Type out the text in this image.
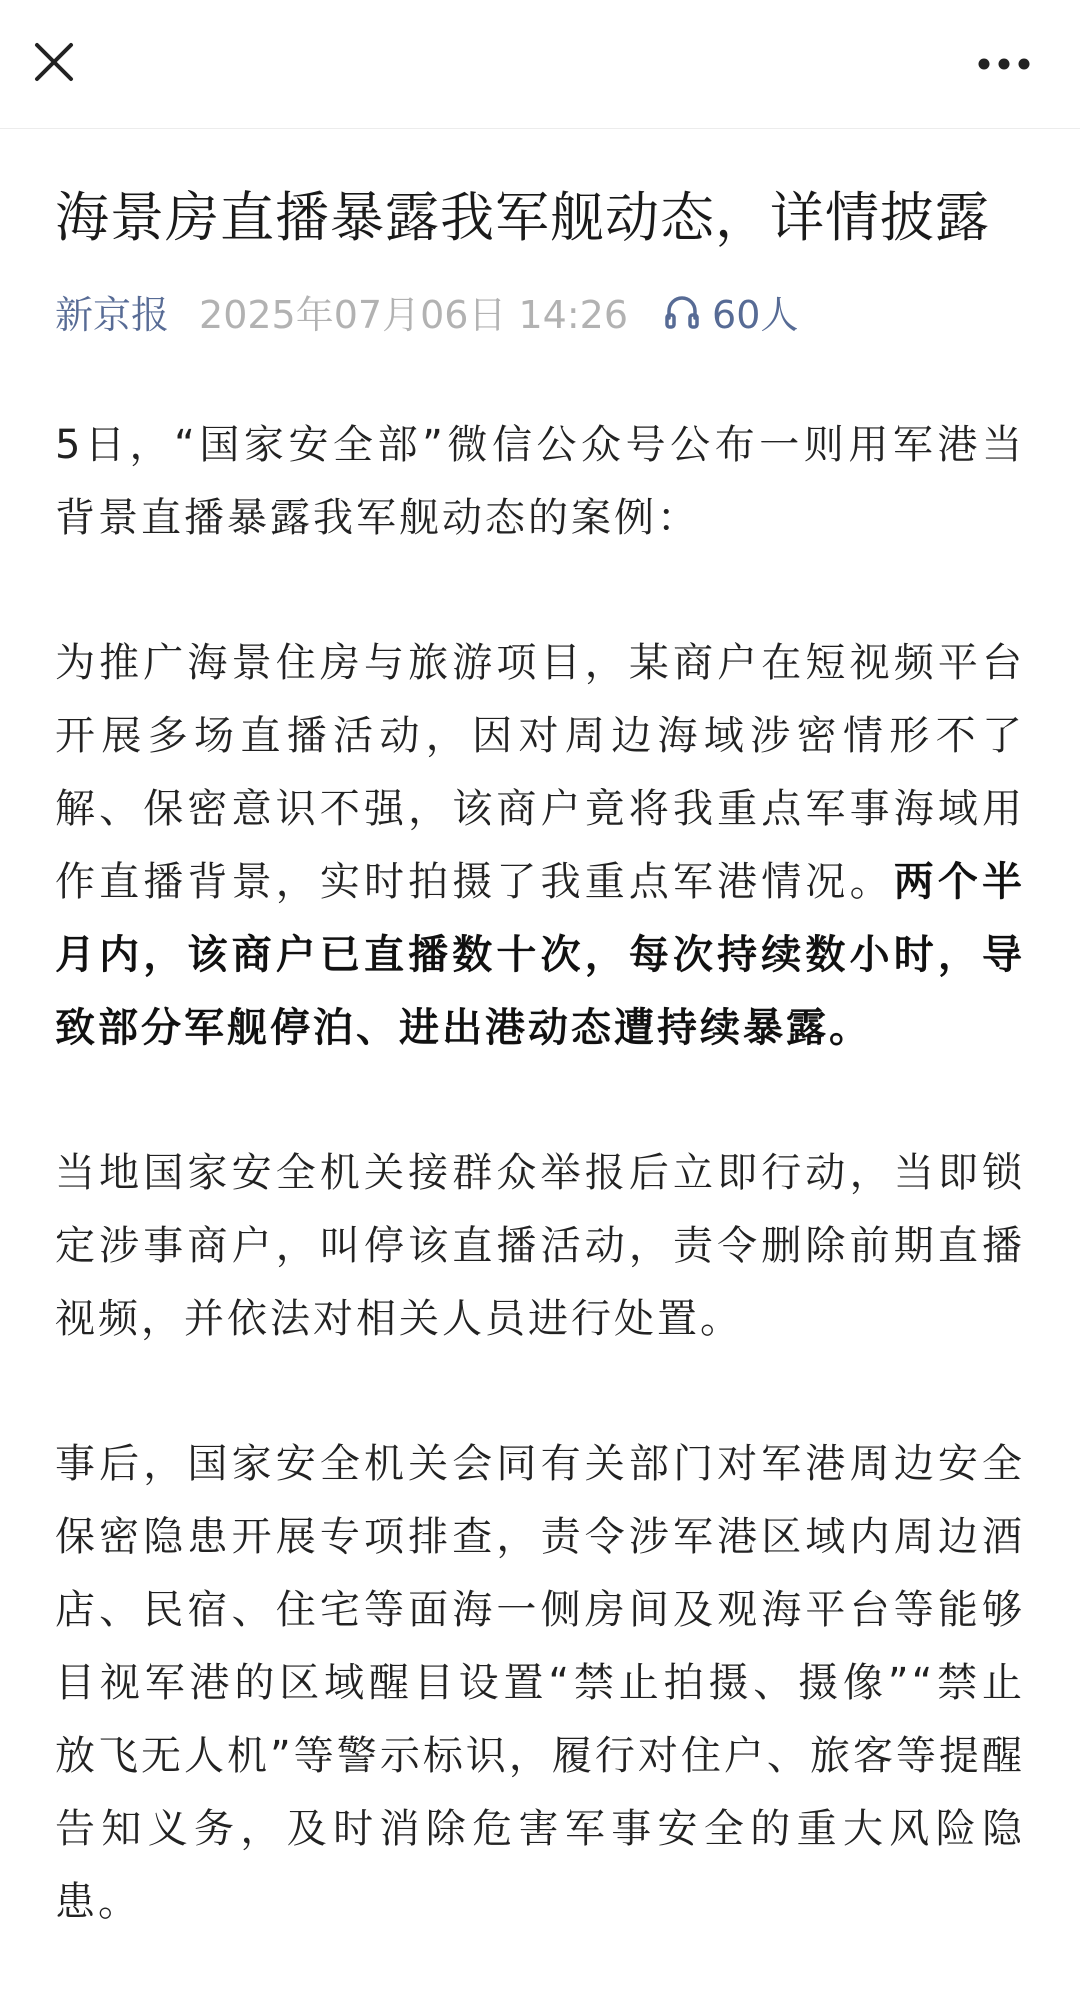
海景房直播暴露我军舰动态，详情披露
新京报 2025年07月06日 14:26 60人

5日，“国家安全部”微信公众号公布一则用军港当背景直播暴露我军舰动态的案例：

为推广海景住房与旅游项目，某商户在短视频平台开展多场直播活动，因对周边海域涉密情形不了解、保密意识不强，该商户竟将我重点军事海域用作直播背景，实时拍摄了我重点军港情况。两个半月内，该商户已直播数十次，每次持续数小时，导致部分军舰停泊、进出港动态遭持续暴露。

当地国家安全机关接群众举报后立即行动，当即锁定涉事商户，叫停该直播活动，责令删除前期直播视频，并依法对相关人员进行处置。

事后，国家安全机关会同有关部门对军港周边安全保密隐患开展专项排查，责令涉军港区域内周边酒店、民宿、住宅等面海一侧房间及观海平台等能够目视军港的区域醒目设置“禁止拍摄、摄像”“禁止放飞无人机”等警示标识，履行对住户、旅客等提醒告知义务，及时消除危害军事安全的重大风险隐患。
